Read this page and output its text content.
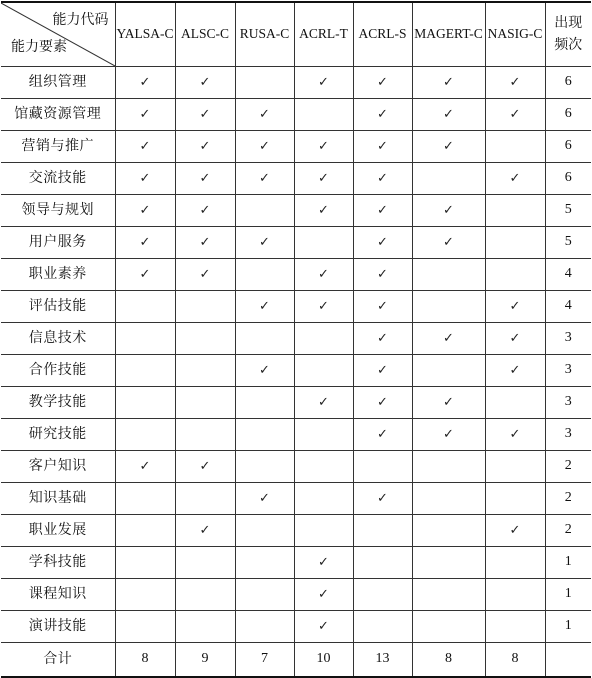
能力代码
能力要素	YALSA-C	ALSC-C	RUSA-C	ACRL-T	ACRL-S	MAGERT-C	NASIG-C	出现
频次
组织管理	✓	✓		✓	✓	✓	✓	6
馆藏资源管理	✓	✓	✓		✓	✓	✓	6
营销与推广	✓	✓	✓	✓	✓	✓		6
交流技能	✓	✓	✓	✓	✓		✓	6
领导与规划	✓	✓		✓	✓	✓		5
用户服务	✓	✓	✓		✓	✓		5
职业素养	✓	✓		✓	✓			4
评估技能			✓	✓	✓		✓	4
信息技术					✓	✓	✓	3
合作技能			✓		✓		✓	3
教学技能				✓	✓	✓		3
研究技能					✓	✓	✓	3
客户知识	✓	✓						2
知识基础			✓		✓			2
职业发展		✓					✓	2
学科技能				✓				1
课程知识				✓				1
演讲技能				✓				1
合计	8	9	7	10	13	8	8	
